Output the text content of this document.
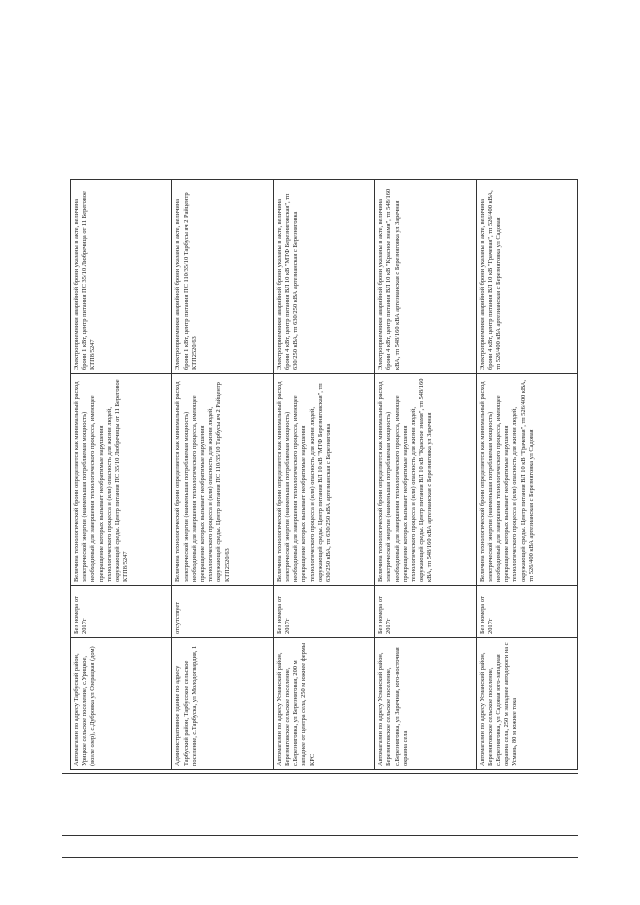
Автомагазин по адресу Тарбуский район, Урицкое сельское поселение, с.Урицкое, (возле озер), с.Дубровка ул Озерацкая (дом)	Без номера от 2017г	Величина технологической брони определяется как минимальный расход электрической энергии (наименьшая потребляемая мощность) необходимый для завершения технологического процесса, имеющее прекращение которых вызывает необратимые нарушения технологического процесса и (или) опасность для жизни людей, окружающей среды. Центр питания ПС 35/10 Любречицы от 11 Береговое КТП8/5247	Электроприемники аварийной брони указаны в акте, величина брони 1 кВт, центр питания ПС 35/10 Любречица от 11 Береговое КТП8/5247
Административное здание по адресу Тарбуский район, Тарбусское сельское поселение, с.Тарбуска, ул Молодогвардия, 1	отсутствует	Величина технологической брони определяется как минимальный расход электрической энергии (наименьшая потребляемая мощность) необходимый для завершения технологического процесса, имеющее прекращение которых вызывает необратимые нарушения технологического процесса и (или) опасность для жизни людей, окружающей среды. Центр питания ПС 110/35/10 Тарбусы яч 2 Райцентр КТП2520/63	Электроприемники аварийной брони указаны в акте, величина брони 1 кВт, центр питания ПС 110/35/10 Тарбусы яч 2 Райцентр КТП2520/63
Автомагазин по адресу Усманский район, Березняговское сельское поселение, с.Березняговка, ул Березняговая, 200 м западнее от центра села, 250 м южнее фермы КРС	Без номера от 2017г	Величина технологической брони определяется как минимальный расход электрической энергии (наименьшая потребляемая мощность) необходимый для завершения технологического процесса, имеющее прекращение которых вызывает необратимые нарушения технологического процесса и (или) опасность для жизни людей, окружающей среды. Центр питания ВЛ 10 кВ "МТФ Березняговская", тп 630/250 кВА, тп 630/250 кВА артезианская с Березняговка	Электроприемники аварийной брони указаны в акте, величина брони 4 кВт, центр питания ВЛ 10 кВ "МТФ Березняговская", тп 630/250 кВА, тп 630/250 кВА артезианская с Березняговка
Автомагазин по адресу Усманский район, Березняговское сельское поселение, с.Березняговка, ул Заречная, юго-восточная окраина села	Без номера от 2017г	Величина технологической брони определяется как минимальный расход электрической энергии (наименьшая потребляемая мощность) необходимый для завершения технологического процесса, имеющее прекращение которых вызывает необратимые нарушения технологического процесса и (или) опасность для жизни людей, окружающей среды. Центр питания ВЛ 10 кВ "Красное знамя", тп 548/160 кВА, тп 548/160 кВА артезианская с Березняговка ул Заречная	Электроприемники аварийной брони указаны в акте, величина брони 4 кВт, центр питания ВЛ 10 кВ "Красное знамя", тп 548/160 кВА, тп 548/160 кВА артезианская с Березняговка ул Заречная
Автомагазин по адресу Усманский район, Березняговское сельское поселение, с.Березняговка, ул Садовая юго-западная окраина села, 250 м западнее автодороги на с Усмань, 80 м южнее тока	Без номера от 2017г	Величина технологической брони определяется как минимальный расход электрической энергии (наименьшая потребляемая мощность) необходимый для завершения технологического процесса, имеющее прекращение которых вызывает необратимые нарушения технологического процесса и (или) опасность для жизни людей, окружающей среды. Центр питания ВЛ 10 кВ "Грачевая", тп 526/400 кВА, тп 526/400 кВА артезианская с Березняговка ул Садовая	Электроприемники аварийной брони указаны в акте, величина брони 4 кВт, центр питания ВЛ 10 кВ "Грачевая", тп 526/400 кВА, тп 526/400 кВА артезианская с Березняговка ул Садовая
